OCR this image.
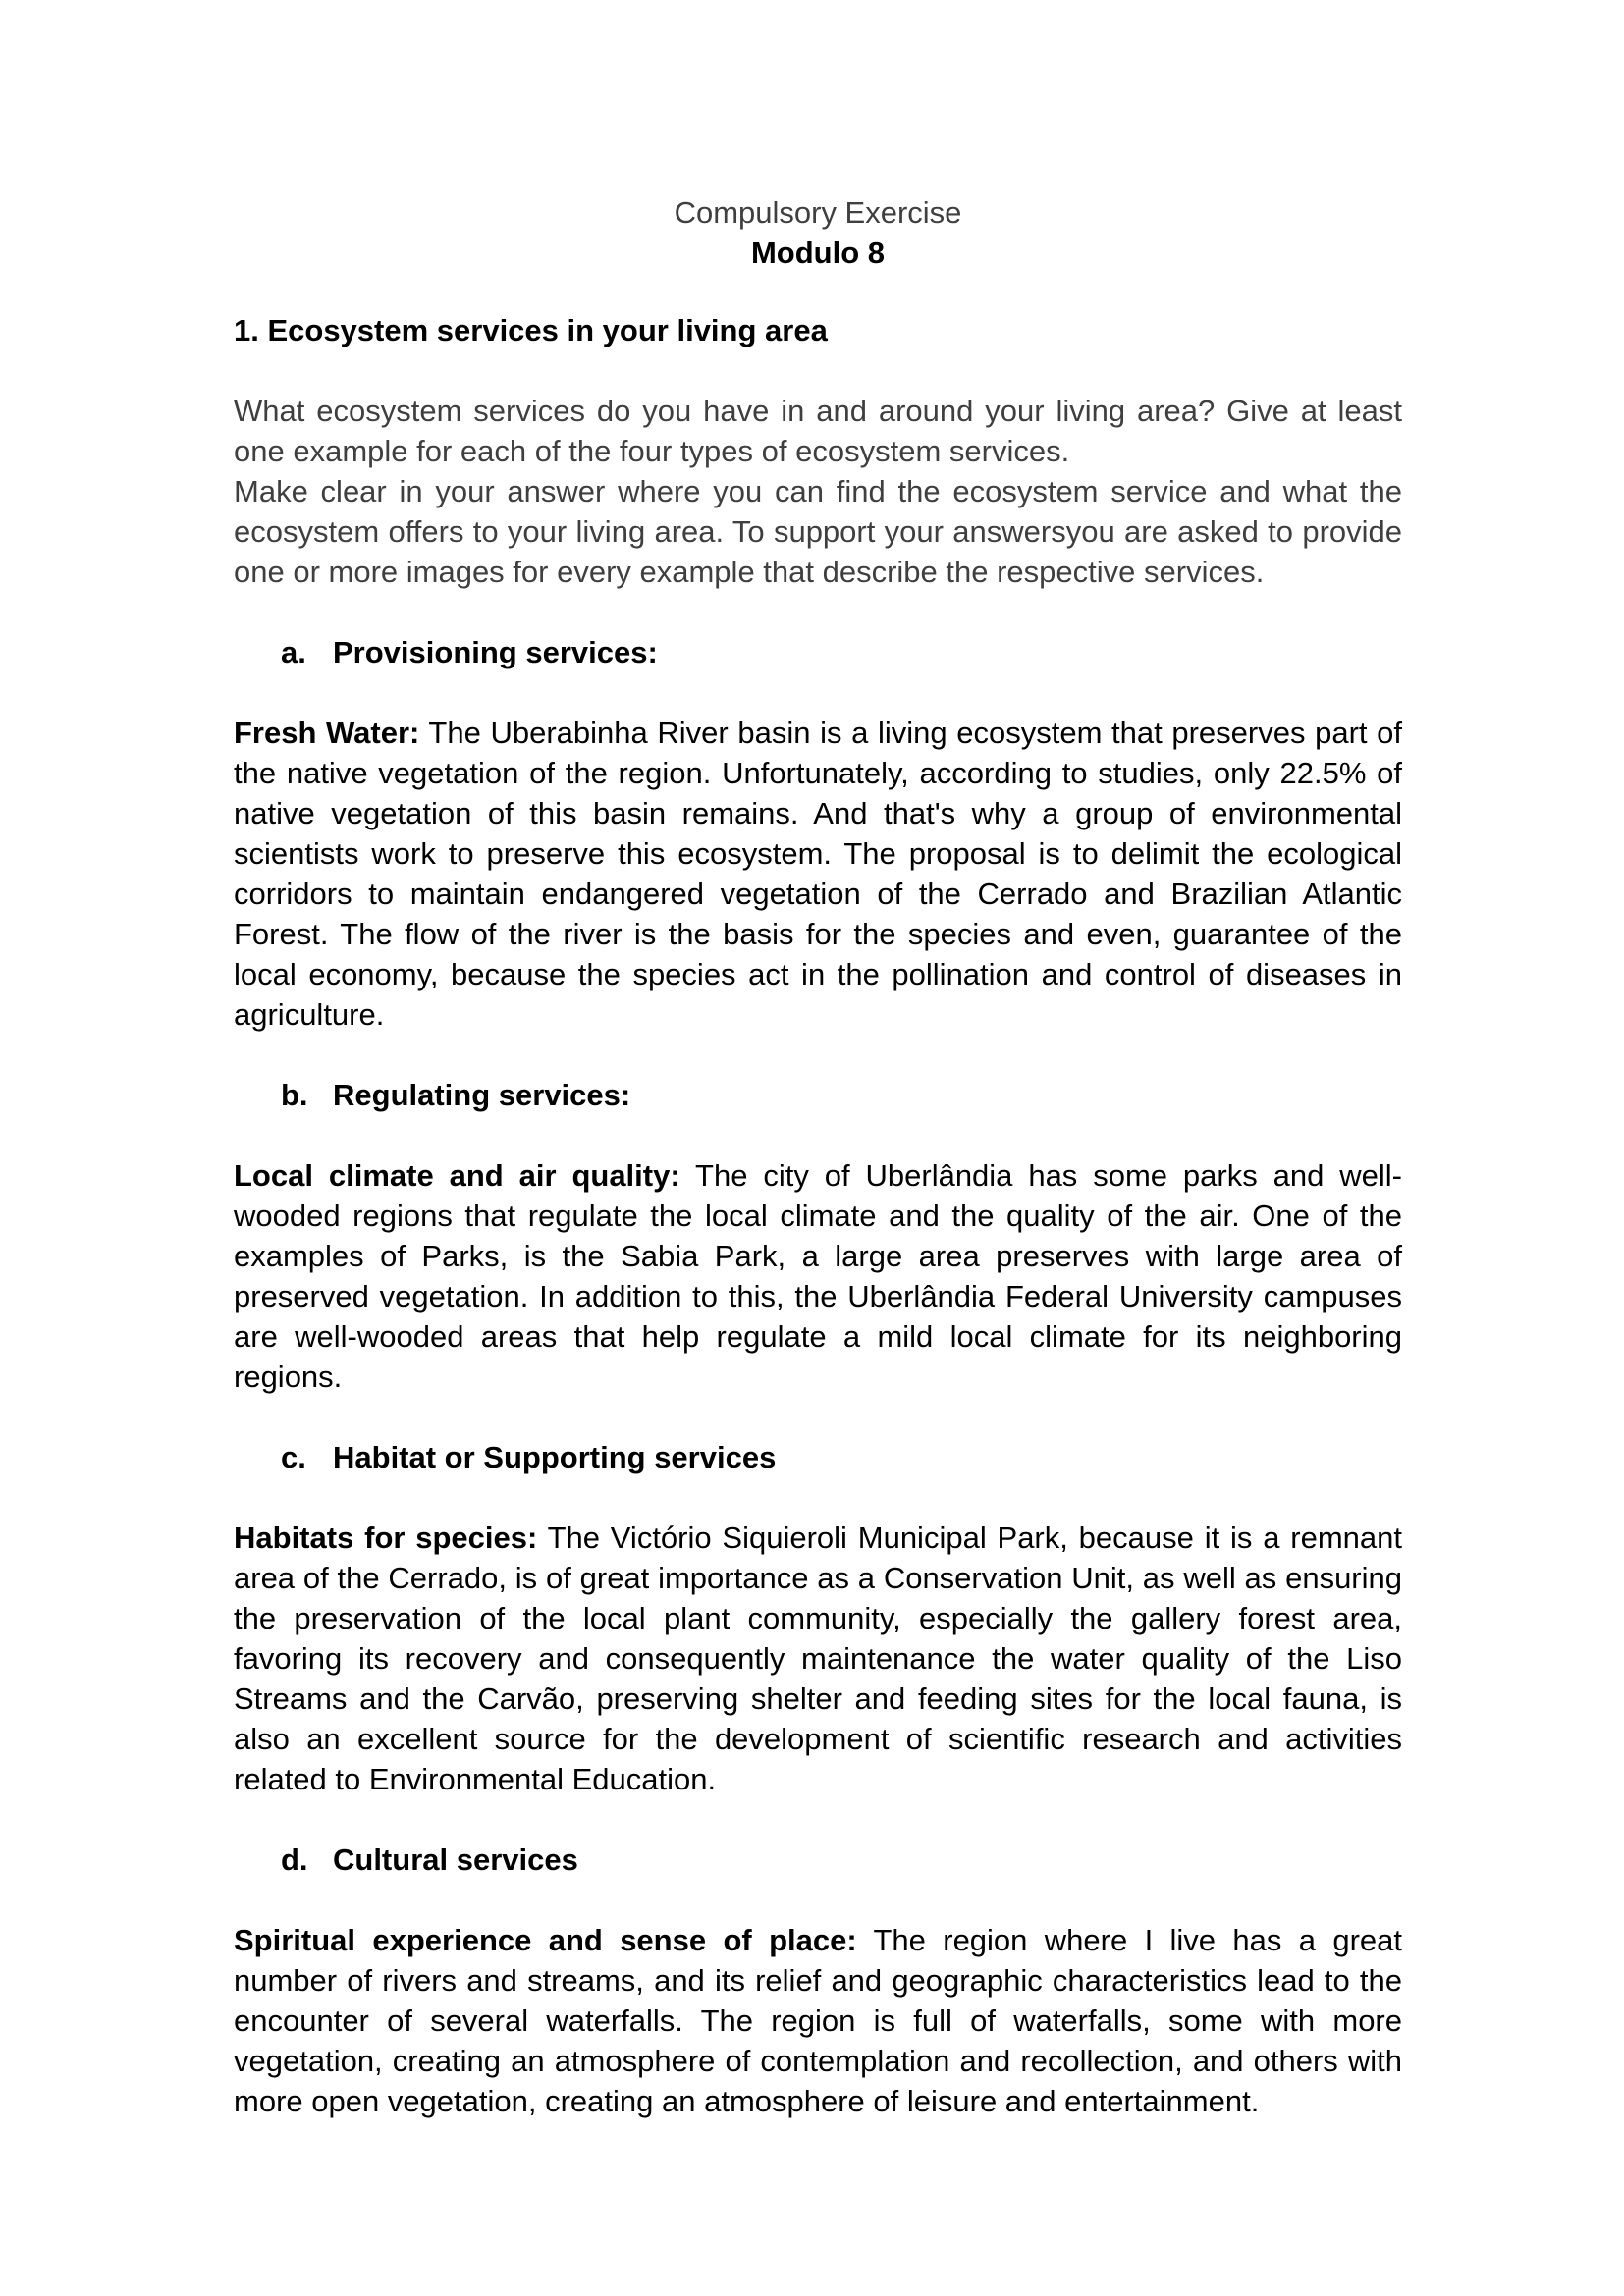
Compulsory Exercise
Modulo 8
1. Ecosystem services in your living area

What ecosystem services do you have in and around your living area? Give at least one example for each of the four types of ecosystem services.

Make clear in your answer where you can find the ecosystem service and what the ecosystem offers to your living area. To support your answersyou are asked to provide one or more images for every example that describe the respective services.

a. Provisioning services:
Fresh Water: The Uberabinha River basin is a living ecosystem that preserves part of the native vegetation of the region. Unfortunately, according to studies, only 22.5% of native vegetation of this basin remains. And that's why a group of environmental scientists work to preserve this ecosystem. The proposal is to delimit the ecological corridors to maintain endangered vegetation of the Cerrado and Brazilian Atlantic Forest. The flow of the river is the basis for the species and even, guarantee of the local economy, because the species act in the pollination and control of diseases in agriculture.
b. Regulating services:
Local climate and air quality: The city of Uberlândia has some parks and well-wooded regions that regulate the local climate and the quality of the air. One of the examples of Parks, is the Sabia Park, a large area preserves with large area of preserved vegetation. In addition to this, the Uberlândia Federal University campuses are well-wooded areas that help regulate a mild local climate for its neighboring regions.
c. Habitat or Supporting services
Habitats for species: The Victório Siquieroli Municipal Park, because it is a remnant area of the Cerrado, is of great importance as a Conservation Unit, as well as ensuring the preservation of the local plant community, especially the gallery forest area, favoring its recovery and consequently maintenance the water quality of the Liso Streams and the Carvão, preserving shelter and feeding sites for the local fauna, is also an excellent source for the development of scientific research and activities related to Environmental Education.
d. Cultural services
Spiritual experience and sense of place: The region where I live has a great number of rivers and streams, and its relief and geographic characteristics lead to the encounter of several waterfalls. The region is full of waterfalls, some with more vegetation, creating an atmosphere of contemplation and recollection, and others with more open vegetation, creating an atmosphere of leisure and entertainment.
